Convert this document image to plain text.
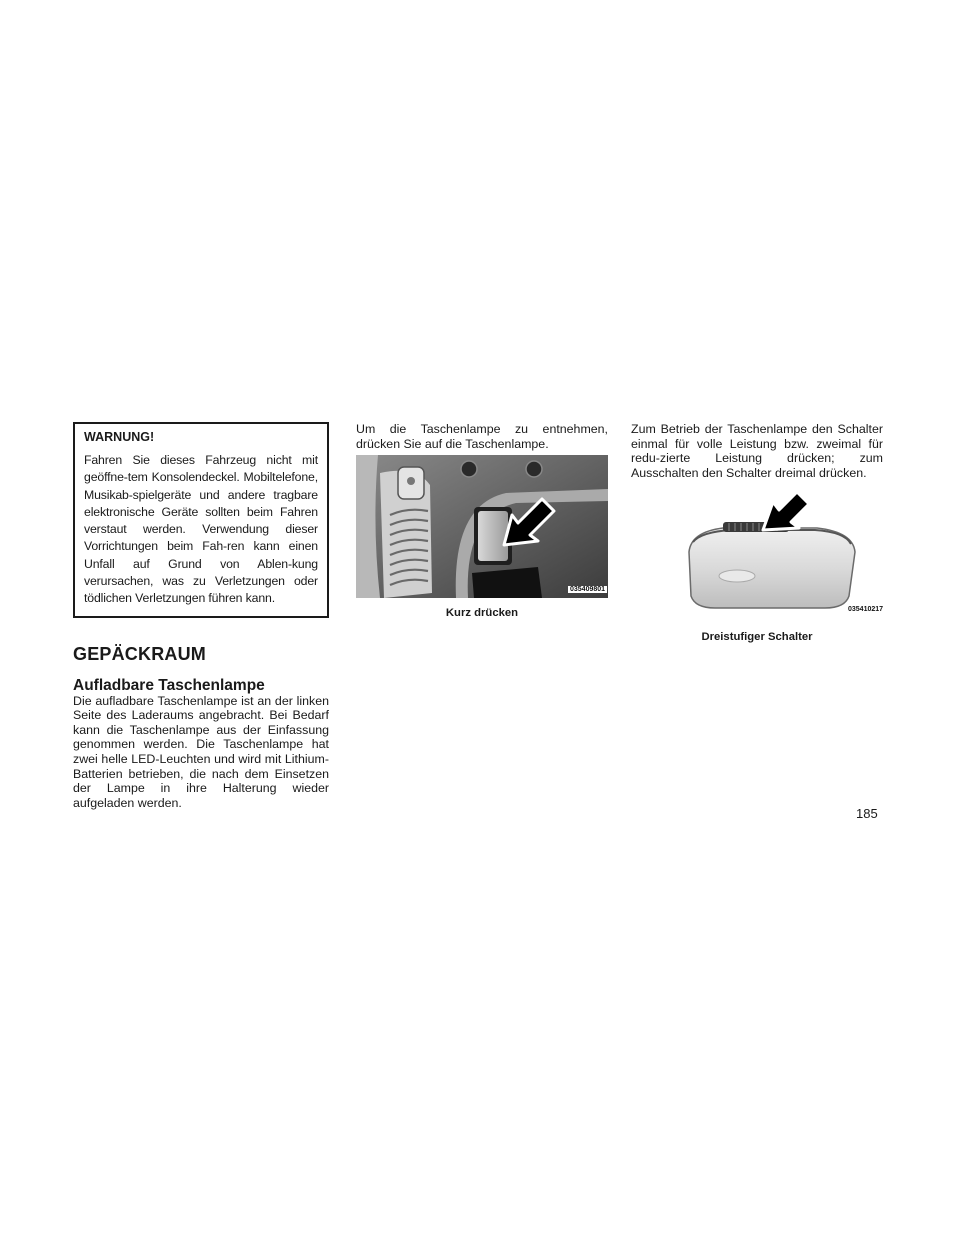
WARNUNG!

Fahren Sie dieses Fahrzeug nicht mit geöffne-tem Konsolendeckel. Mobiltelefone, Musikab-spielgeräte und andere tragbare elektronische Geräte sollten beim Fahren verstaut werden. Verwendung dieser Vorrichtungen beim Fah-ren kann einen Unfall auf Grund von Ablen-kung verursachen, was zu Verletzungen oder tödlichen Verletzungen führen kann.

GEPÄCKRAUM
Aufladbare Taschenlampe

Die aufladbare Taschenlampe ist an der linken Seite des Laderaums angebracht. Bei Bedarf kann die Taschenlampe aus der Einfassung genommen werden. Die Taschenlampe hat zwei helle LED-Leuchten und wird mit Lithium-Batterien betrieben, die nach dem Einsetzen der Lampe in ihre Halterung wieder aufgeladen werden.

Um die Taschenlampe zu entnehmen, drücken Sie auf die Taschenlampe.

035409801
Kurz drücken

Zum Betrieb der Taschenlampe den Schalter einmal für volle Leistung bzw. zweimal für redu-zierte Leistung drücken; zum Ausschalten den Schalter dreimal drücken.

035410217
Dreistufiger Schalter
185
